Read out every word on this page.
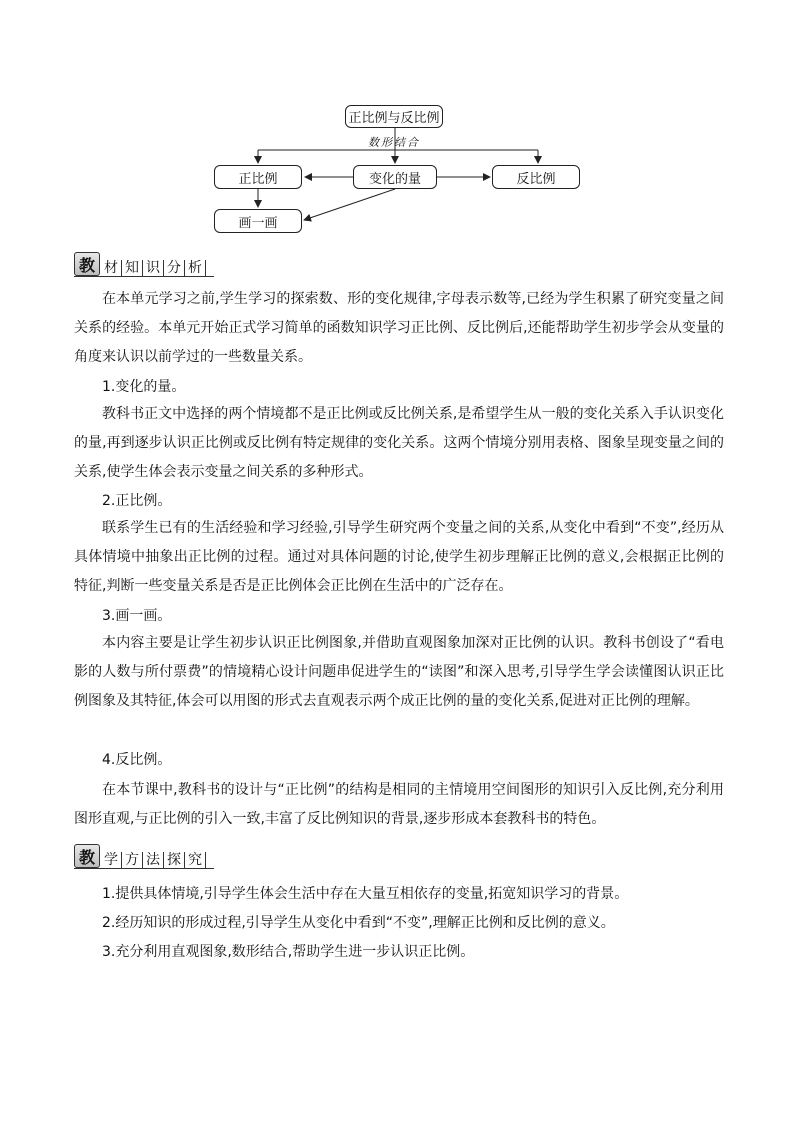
正比例与反比例
数形结合
正比例	变化的量	反比例
画一画
教 材 知 识 分 析

在本单元学习之前,学生学习的探索数、形的变化规律,字母表示数等,已经为学生积累了研究变量之间关系的经验。本单元开始正式学习简单的函数知识学习正比例、反比例后,还能帮助学生初步学会从变量的角度来认识以前学过的一些数量关系。

1.变化的量。

教科书正文中选择的两个情境都不是正比例或反比例关系,是希望学生从一般的变化关系入手认识变化的量,再到逐步认识正比例或反比例有特定规律的变化关系。这两个情境分别用表格、图象呈现变量之间的关系,使学生体会表示变量之间关系的多种形式。

2.正比例。

联系学生已有的生活经验和学习经验,引导学生研究两个变量之间的关系,从变化中看到“不变”,经历从具体情境中抽象出正比例的过程。通过对具体问题的讨论,使学生初步理解正比例的意义,会根据正比例的特征,判断一些变量关系是否是正比例体会正比例在生活中的广泛存在。

3.画一画。

本内容主要是让学生初步认识正比例图象,并借助直观图象加深对正比例的认识。教科书创设了“看电影的人数与所付票费”的情境精心设计问题串促进学生的“读图”和深入思考,引导学生学会读懂图认识正比例图象及其特征,体会可以用图的形式去直观表示两个成正比例的量的变化关系,促进对正比例的理解。

4.反比例。

在本节课中,教科书的设计与“正比例”的结构是相同的主情境用空间图形的知识引入反比例,充分利用图形直观,与正比例的引入一致,丰富了反比例知识的背景,逐步形成本套教科书的特色。

教 学 方 法 探 究

1.提供具体情境,引导学生体会生活中存在大量互相依存的变量,拓宽知识学习的背景。

2.经历知识的形成过程,引导学生从变化中看到“不变”,理解正比例和反比例的意义。

3.充分利用直观图象,数形结合,帮助学生进一步认识正比例。
